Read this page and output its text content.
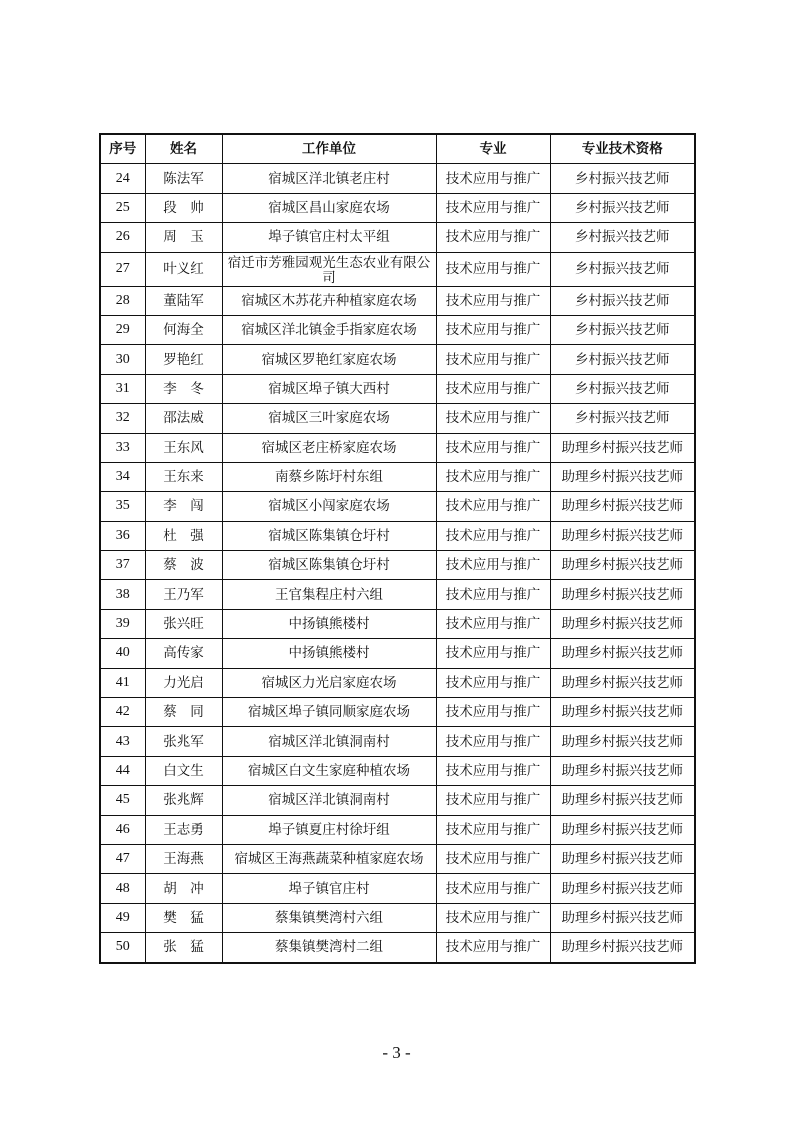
序号	姓名	工作单位	专业	专业技术资格
24	陈法军	宿城区洋北镇老庄村	技术应用与推广	乡村振兴技艺师
25	段　帅	宿城区昌山家庭农场	技术应用与推广	乡村振兴技艺师
26	周　玉	埠子镇官庄村太平组	技术应用与推广	乡村振兴技艺师
27	叶义红	宿迁市芳雅园观光生态农业有限公司	技术应用与推广	乡村振兴技艺师
28	董陆军	宿城区木苏花卉种植家庭农场	技术应用与推广	乡村振兴技艺师
29	何海全	宿城区洋北镇金手指家庭农场	技术应用与推广	乡村振兴技艺师
30	罗艳红	宿城区罗艳红家庭农场	技术应用与推广	乡村振兴技艺师
31	李　冬	宿城区埠子镇大西村	技术应用与推广	乡村振兴技艺师
32	邵法威	宿城区三叶家庭农场	技术应用与推广	乡村振兴技艺师
33	王东风	宿城区老庄桥家庭农场	技术应用与推广	助理乡村振兴技艺师
34	王东来	南蔡乡陈圩村东组	技术应用与推广	助理乡村振兴技艺师
35	李　闯	宿城区小闯家庭农场	技术应用与推广	助理乡村振兴技艺师
36	杜　强	宿城区陈集镇仓圩村	技术应用与推广	助理乡村振兴技艺师
37	蔡　波	宿城区陈集镇仓圩村	技术应用与推广	助理乡村振兴技艺师
38	王乃军	王官集程庄村六组	技术应用与推广	助理乡村振兴技艺师
39	张兴旺	中扬镇熊楼村	技术应用与推广	助理乡村振兴技艺师
40	高传家	中扬镇熊楼村	技术应用与推广	助理乡村振兴技艺师
41	力光启	宿城区力光启家庭农场	技术应用与推广	助理乡村振兴技艺师
42	蔡　同	宿城区埠子镇同顺家庭农场	技术应用与推广	助理乡村振兴技艺师
43	张兆军	宿城区洋北镇洞南村	技术应用与推广	助理乡村振兴技艺师
44	白文生	宿城区白文生家庭种植农场	技术应用与推广	助理乡村振兴技艺师
45	张兆辉	宿城区洋北镇洞南村	技术应用与推广	助理乡村振兴技艺师
46	王志勇	埠子镇夏庄村徐圩组	技术应用与推广	助理乡村振兴技艺师
47	王海燕	宿城区王海燕蔬菜种植家庭农场	技术应用与推广	助理乡村振兴技艺师
48	胡　冲	埠子镇官庄村	技术应用与推广	助理乡村振兴技艺师
49	樊　猛	蔡集镇樊湾村六组	技术应用与推广	助理乡村振兴技艺师
50	张　猛	蔡集镇樊湾村二组	技术应用与推广	助理乡村振兴技艺师
- 3 -
